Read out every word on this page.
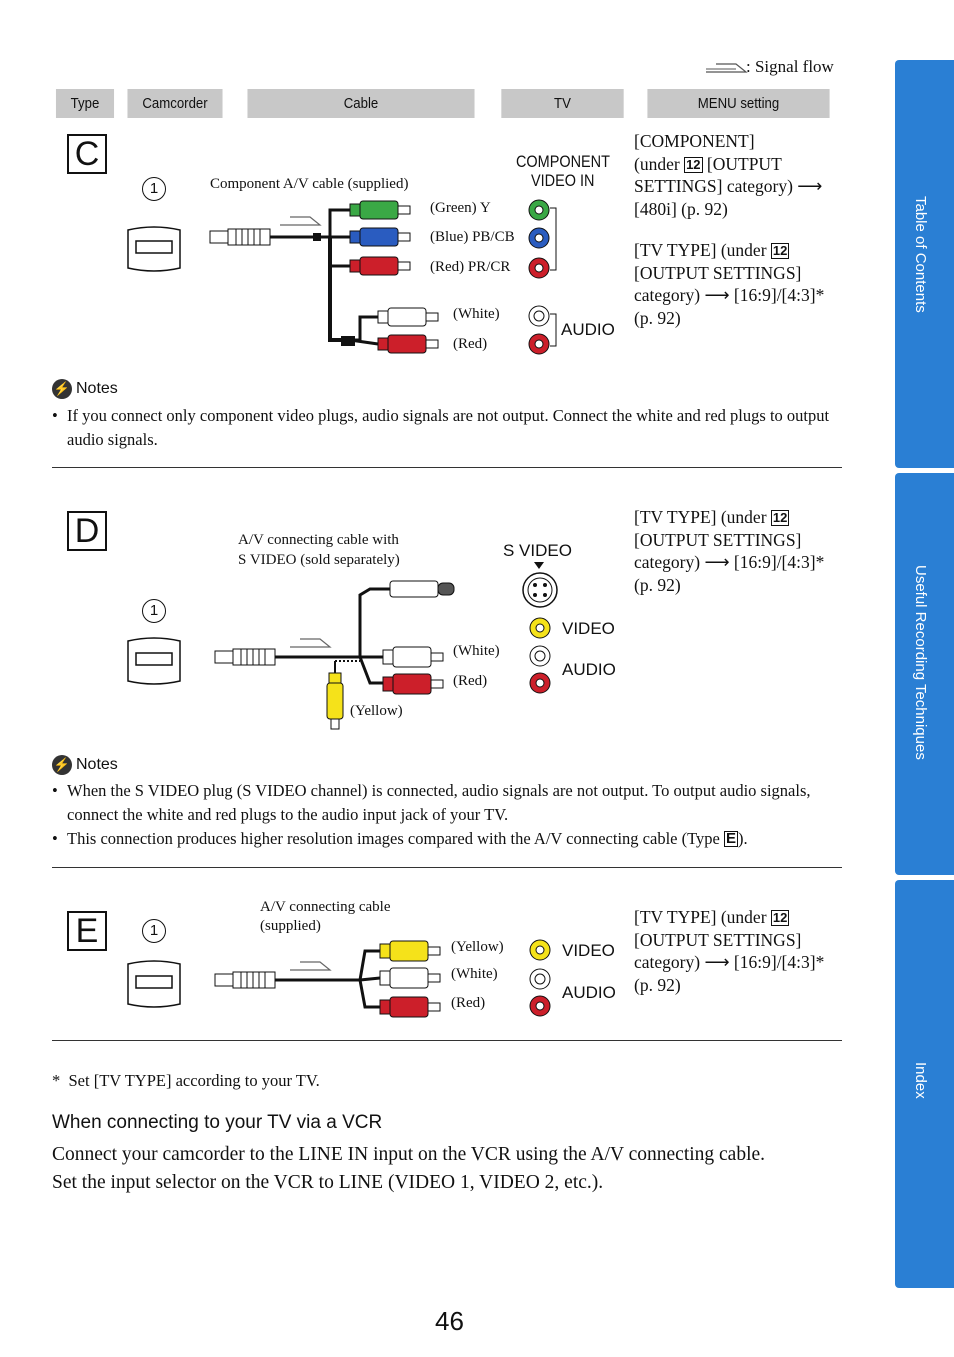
: Signal flow
Type	Camcorder	Cable	TV	MENU setting
C
1	Component A/V cable (supplied)
(Green) Y
(Blue) PB/CB
(Red) PR/CR
(White)
(Red)
COMPONENT
VIDEO IN
AUDIO
[COMPONENT]
(under 12 [OUTPUT
SETTINGS] category) ⟶
[480i] (p. 92)
[TV TYPE] (under 12
[OUTPUT SETTINGS]
category) ⟶ [16:9]/[4:3]*
(p. 92)
⚡ Notes
• If you connect only component video plugs, audio signals are not output. Connect the white and red plugs to output audio signals.
D
1
A/V connecting cable with
S VIDEO (sold separately)
(White)
(Red)
(Yellow)
S VIDEO
VIDEO
AUDIO
[TV TYPE] (under 12
[OUTPUT SETTINGS]
category) ⟶ [16:9]/[4:3]*
(p. 92)
⚡ Notes
• When the S VIDEO plug (S VIDEO channel) is connected, audio signals are not output. To output audio signals, connect the white and red plugs to the audio input jack of your TV.
• This connection produces higher resolution images compared with the A/V connecting cable (Type E ).
E	1
A/V connecting cable
(supplied)
(Yellow)
(White)
(Red)
VIDEO
AUDIO
[TV TYPE] (under 12
[OUTPUT SETTINGS]
category) ⟶ [16:9]/[4:3]*
(p. 92)
*  Set [TV TYPE] according to your TV.
When connecting to your TV via a VCR
Connect your camcorder to the LINE IN input on the VCR using the A/V connecting cable.
Set the input selector on the VCR to LINE (VIDEO 1, VIDEO 2, etc.).
46
Table of Contents
Useful Recording Techniques
Index
